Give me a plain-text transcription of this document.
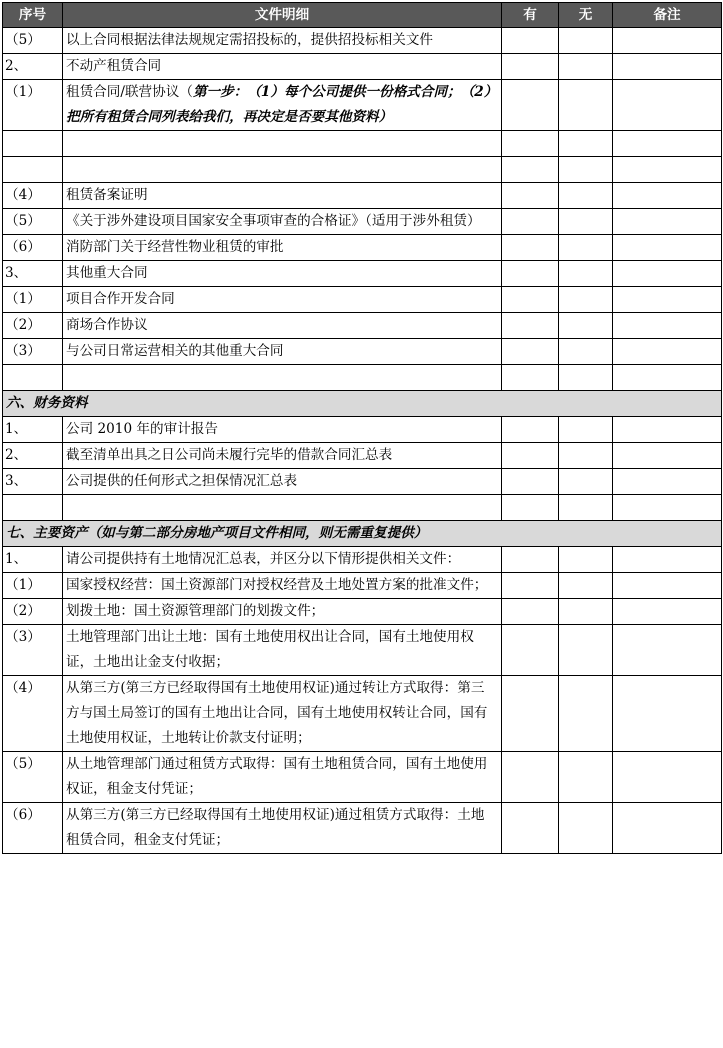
序号	文件明细	有	无	备注
（5）	以上合同根据法律法规规定需招投标的，提供招投标相关文件			
2、	不动产租赁合同			
（1）	租赁合同/联营协议（第一步：（1）每个公司提供一份格式合同；（2）把所有租赁合同列表给我们，再决定是否要其他资料）			

（4）	租赁备案证明			
（5）	《关于涉外建设项目国家安全事项审查的合格证》（适用于涉外租赁）			
（6）	消防部门关于经营性物业租赁的审批			
3、	其他重大合同			
（1）	项目合作开发合同			
（2）	商场合作协议			
（3）	与公司日常运营相关的其他重大合同			

六、财务资料				
1、	公司 2010 年的审计报告			
2、	截至清单出具之日公司尚未履行完毕的借款合同汇总表			
3、	公司提供的任何形式之担保情况汇总表			

七、主要资产（如与第二部分房地产项目文件相同，则无需重复提供）				
1、	请公司提供持有土地情况汇总表，并区分以下情形提供相关文件：			
（1）	国家授权经营：国土资源部门对授权经营及土地处置方案的批准文件；			
（2）	划拨土地：国土资源管理部门的划拨文件；			
（3）	土地管理部门出让土地：国有土地使用权出让合同，国有土地使用权证，土地出让金支付收据；			
（4）	从第三方(第三方已经取得国有土地使用权证)通过转让方式取得：第三方与国土局签订的国有土地出让合同，国有土地使用权转让合同，国有土地使用权证，土地转让价款支付证明；			
（5）	从土地管理部门通过租赁方式取得：国有土地租赁合同，国有土地使用权证，租金支付凭证；			
（6）	从第三方(第三方已经取得国有土地使用权证)通过租赁方式取得：土地租赁合同，租金支付凭证；			
